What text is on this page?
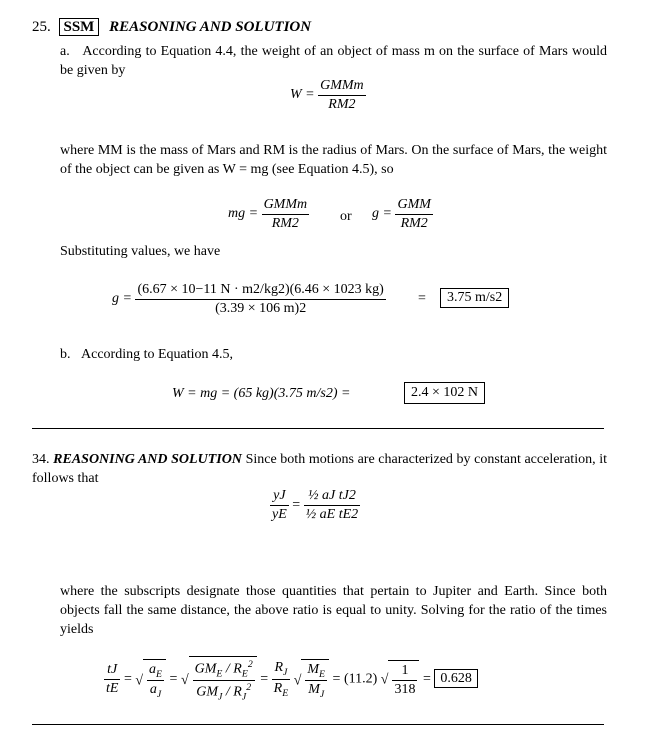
25. SSM REASONING AND SOLUTION
a. According to Equation 4.4, the weight of an object of mass m on the surface of Mars would be given by
$W = \frac{\text{GMMm}}{RM2}$
where MM is the mass of Mars and RM is the radius of Mars. On the surface of Mars, the weight of the object can be given as W = mg (see Equation 4.5), so
mg = $\frac{\text{GMMm}}{RM2}$ or $g = \frac{\text{GMM}}{RM2}$
Substituting values, we have
$g = \frac{(6.67 \times 10-11 N \cdot m2/kg2)(6.46 \times 1023 kg)}{(3.39 \times 106 m)2}$ =	3.75 m/s2
b. According to Equation 4.5,
W = mg = (65 kg)(3.75 m/s2) =	2.4 × 102 N
34. REASONING AND SOLUTION Since both motions are characterized by constant acceleration, it follows that
$\frac{yJ}{yE} = \frac{\text{½ aJ tJ2}}{\text{½ aE tE2}}$
where the subscripts designate those quantities that pertain to Jupiter and Earth. Since both objects fall the same distance, the above ratio is equal to unity. Solving for the ratio of the times yields
$\frac{tJ}{tE}$ = √ $\frac{a_E}{a_J}$ = √ $\frac{GM_E / R_E^2}{GM_J / R_J^2} = \frac{R_J}{R_E}$ √ $\frac{M_E}{M_J} = (11.2)$ √ $\frac{1}{318} = 0.628$
